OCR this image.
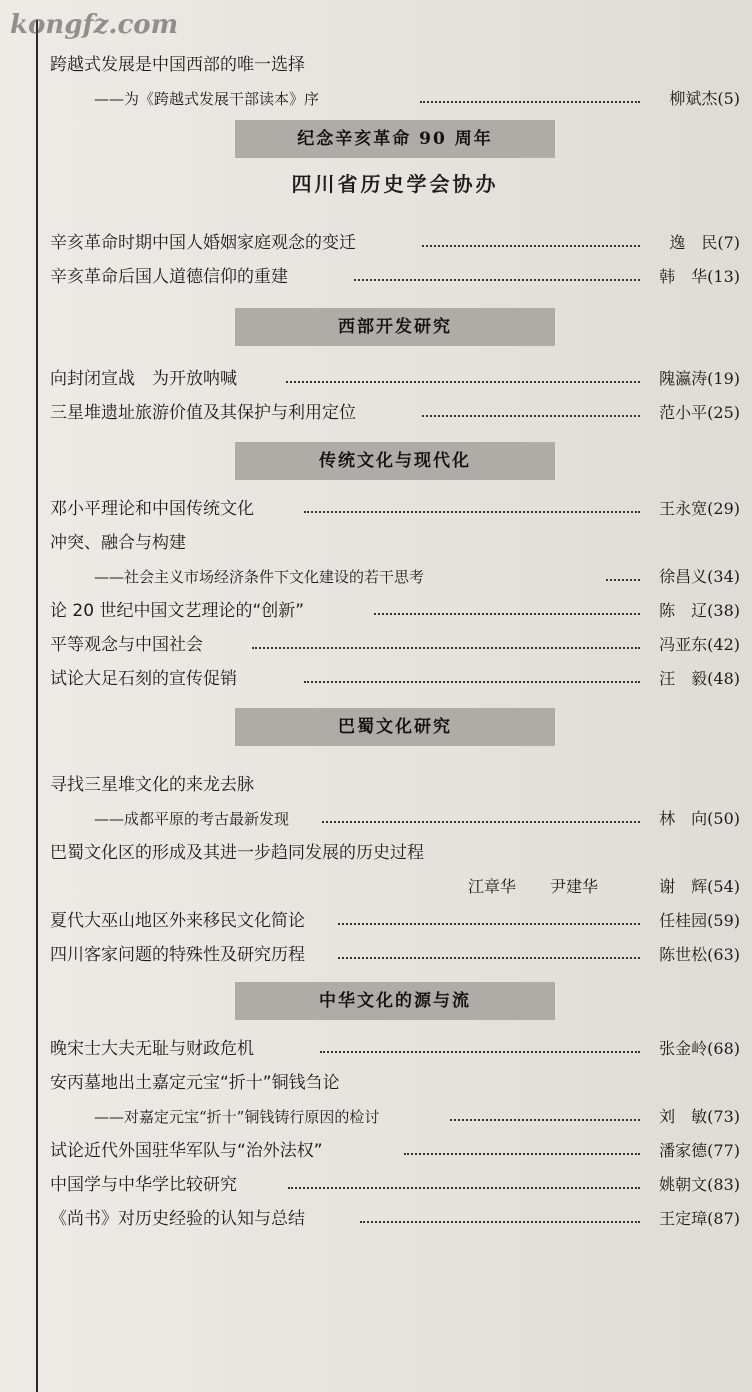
kongfz.com
跨越式发展是中国西部的唯一选择
——为《跨越式发展干部读本》序	柳斌杰(5)
纪念辛亥革命 90 周年
四川省历史学会协办
辛亥革命时期中国人婚姻家庭观念的变迁	逸　民(7)
辛亥革命后国人道德信仰的重建	韩　华(13)
西部开发研究
向封闭宣战　为开放呐喊	隗瀛涛(19)
三星堆遗址旅游价值及其保护与利用定位	范小平(25)
传统文化与现代化
邓小平理论和中国传统文化	王永宽(29)
冲突、融合与构建
——社会主义市场经济条件下文化建设的若干思考	徐昌义(34)
论 20 世纪中国文艺理论的“创新”	陈　辽(38)
平等观念与中国社会	冯亚东(42)
试论大足石刻的宣传促销	汪　毅(48)
巴蜀文化研究
寻找三星堆文化的来龙去脉
——成都平原的考古最新发现	林　向(50)
巴蜀文化区的形成及其进一步趋同发展的历史过程
江章华 尹建华	谢　辉(54)
夏代大巫山地区外来移民文化简论	任桂园(59)
四川客家问题的特殊性及研究历程	陈世松(63)
中华文化的源与流
晚宋士大夫无耻与财政危机	张金岭(68)
安丙墓地出土嘉定元宝“折十”铜钱刍论
——对嘉定元宝“折十”铜钱铸行原因的检讨	刘　敏(73)
试论近代外国驻华军队与“治外法权”	潘家德(77)
中国学与中华学比较研究	姚朝文(83)
《尚书》对历史经验的认知与总结	王定璋(87)
